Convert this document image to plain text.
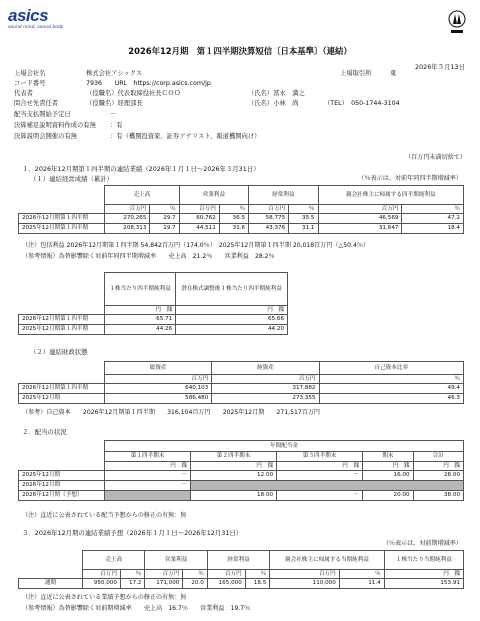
asics
sound mind, sound body
2026年12月期　第１四半期決算短信〔日本基準〕（連結）
2026年５月13日
上場会社名	株式会社アシックス	上場取引所	東
コード番号	7936　　URL　https://corp.asics.com/jp
代表者	（役職名）代表取締役社長ＣＯＯ	（氏名）冨永　満之
問合せ先責任者	（役職名）経理部長	（氏名）小林　尚	（TEL）　050-1744-3104
配当支払開始予定日	－
決算補足説明資料作成の有無 ：有
決算説明会開催の有無	：有（機関投資家、証券アナリスト、報道機関向け）
（百万円未満切捨て）
１．2026年12月期第１四半期の連結業績（2026年１月１日～2026年３月31日）
（１）連結経営成績（累計）	（％表示は、対前年同四半期増減率）
	売上高		営業利益		経常利益		親会社株主に帰属する四半期純利益	
	百万円	％	百万円	％	百万円	％	百万円	％
2026年12月期第１四半期	270,265	29.7	60,762	36.5	58,775	35.5	46,569	47.2
2025年12月期第１四半期	208,313	19.7	44,511	31.6	43,376	31.1	31,647	18.4
（注）包括利益 2026年12月期第１四半期 54,842百万円（174.0％）　2025年12月期第１四半期 20,018百万円（△50.4％）
（参考情報）為替影響除く対前年同四半期増減率　　売上高　21.2％　　営業利益　28.2％
	１株当たり四半期純利益	潜在株式調整後１株当たり四半期純利益
	円　銭	円　銭
2026年12月期第１四半期	65.71	65.66
2025年12月期第１四半期	44.26	44.20
（２）連結財政状態
	総資産	純資産	自己資本比率
	百万円	百万円	％
2026年12月期第１四半期	640,103	317,882	49.4
2025年12月期	586,480	273,355	46.3
（参考）自己資本　　2026年12月期第１四半期　　316,104百万円　　2025年12月期　　271,517百万円
２．配当の状況
	年間配当金				
	第１四半期末	第２四半期末	第３四半期末	期末	合計
	円　銭	円　銭	円　銭	円　銭	円　銭
2025年12月期	－	12.00	－	16.00	28.00
2026年12月期	－				
2026年12月期（予想）		18.00	－	20.00	38.00
（注）直近に公表されている配当予想からの修正の有無：無
３．2026年12月期の連結業績予想（2026年１月１日～2026年12月31日）
（％表示は、対前期増減率）
	売上高		営業利益		経常利益		親会社株主に帰属する当期純利益		１株当たり当期純利益
	百万円	％	百万円	％	百万円	％	百万円	％	円　銭
通期	950,000	17.2	171,000	20.0	165,000	18.5	110,000	11.4	153.91
（注）直近に公表されている業績予想からの修正の有無：無
（参考情報）為替影響除く対前期増減率　　売上高　16.7％　　営業利益　19.7％
